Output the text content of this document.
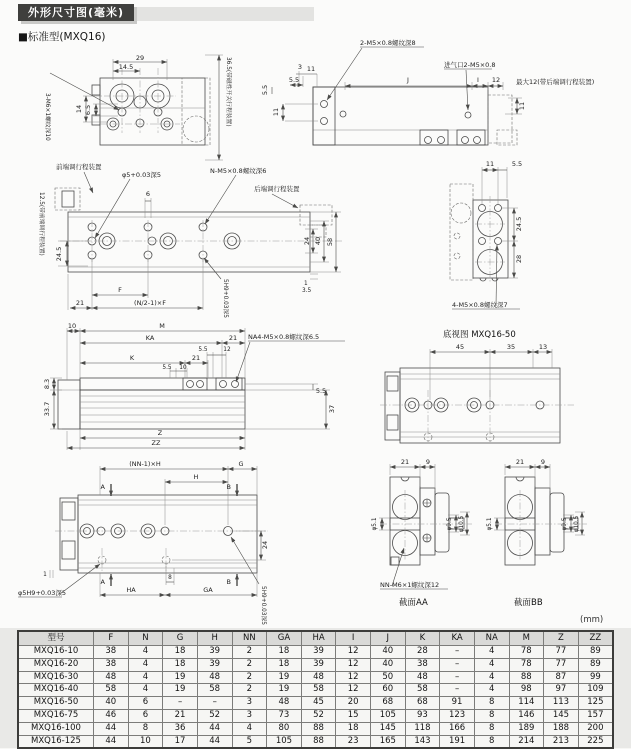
外形尺寸图(毫米)
■标准型(MXQ16)
29
14.5
6.5
14
3-M6×1螺纹深10	36.5(带磁性开关行程装置)	3 11
5.5
5.5
11
J	I 12 最大12(带后端调行程装置)
11
2-M5×0.8螺纹深8
进气口2-M5×0.8
前端调行程装置
φ5+0.03深5
6
N-M5×0.8螺纹深6
后端调行程装置
12.5(带前端调行程装置)	24.5
24 40 58
1
3.5
F
(N/2-1)×F
21	5H9+0.03深5
10	M
KA	21
5.5	12
K	21
5.5 10
NA4-M5×0.8螺纹深6.5
8.3
33.7
5.5
37
Z
ZZ
(NN-1)×H	G
H
A	B
A	B
8
24
HA	GA
1
φ5H9+0.03深5	5H9+0.03深5
11	5.5
24.5
28
4-M5×0.8螺纹深7
底视图 MXQ16-50
45	35	13
21	9
φ5.1	φ9.5 φ10.5
NN-M6×1螺纹深12
截面AA
21	9
φ5.1	φ9.5 φ10.5
截面BB
(mm)
型号	F	N	G	H	NN	GA	HA	I	J	K	KA	NA	M	Z	ZZ
MXQ16-10	38	4	18	39	2	18	39	12	40	28	–	4	78	77	89
MXQ16-20	38	4	18	39	2	18	39	12	40	38	–	4	78	77	89
MXQ16-30	48	4	19	48	2	19	48	12	50	48	–	4	88	87	99
MXQ16-40	58	4	19	58	2	19	58	12	60	58	–	4	98	97	109
MXQ16-50	40	6	–	–	3	48	45	20	68	68	91	8	114	113	125
MXQ16-75	46	6	21	52	3	73	52	15	105	93	123	8	146	145	157
MXQ16-100	44	8	36	44	4	80	88	18	145	118	166	8	189	188	200
MXQ16-125	44	10	17	44	5	105	88	23	165	143	191	8	214	213	225
